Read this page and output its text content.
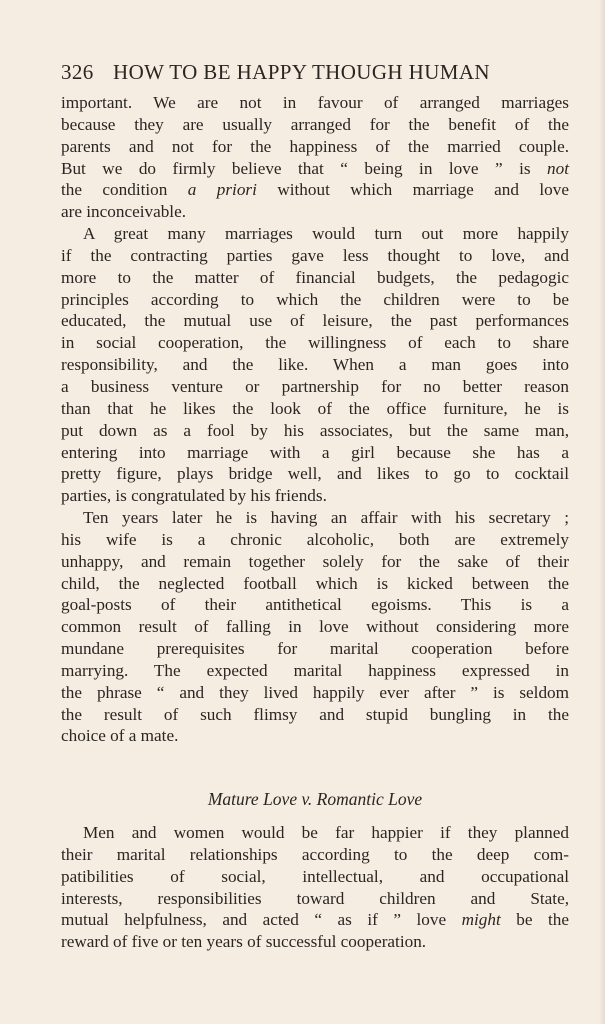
326 HOW TO BE HAPPY THOUGH HUMAN
important. We are not in favour of arranged marriages
because they are usually arranged for the benefit of the
parents and not for the happiness of the married couple.
But we do firmly believe that “ being in love ” is not
the condition a priori without which marriage and love
are inconceivable.
A great many marriages would turn out more happily
if the contracting parties gave less thought to love, and
more to the matter of financial budgets, the pedagogic
principles according to which the children were to be
educated, the mutual use of leisure, the past performances
in social cooperation, the willingness of each to share
responsibility, and the like. When a man goes into
a business venture or partnership for no better reason
than that he likes the look of the office furniture, he is
put down as a fool by his associates, but the same man,
entering into marriage with a girl because she has a
pretty figure, plays bridge well, and likes to go to cocktail
parties, is congratulated by his friends.
Ten years later he is having an affair with his secretary ;
his wife is a chronic alcoholic, both are extremely
unhappy, and remain together solely for the sake of their
child, the neglected football which is kicked between the
goal-posts of their antithetical egoisms. This is a
common result of falling in love without considering more
mundane prerequisites for marital cooperation before
marrying. The expected marital happiness expressed in
the phrase “ and they lived happily ever after ” is seldom
the result of such flimsy and stupid bungling in the
choice of a mate.
Mature Love v. Romantic Love
Men and women would be far happier if they planned
their marital relationships according to the deep com-
patibilities of social, intellectual, and occupational
interests, responsibilities toward children and State,
mutual helpfulness, and acted “ as if ” love might be the
reward of five or ten years of successful cooperation.
